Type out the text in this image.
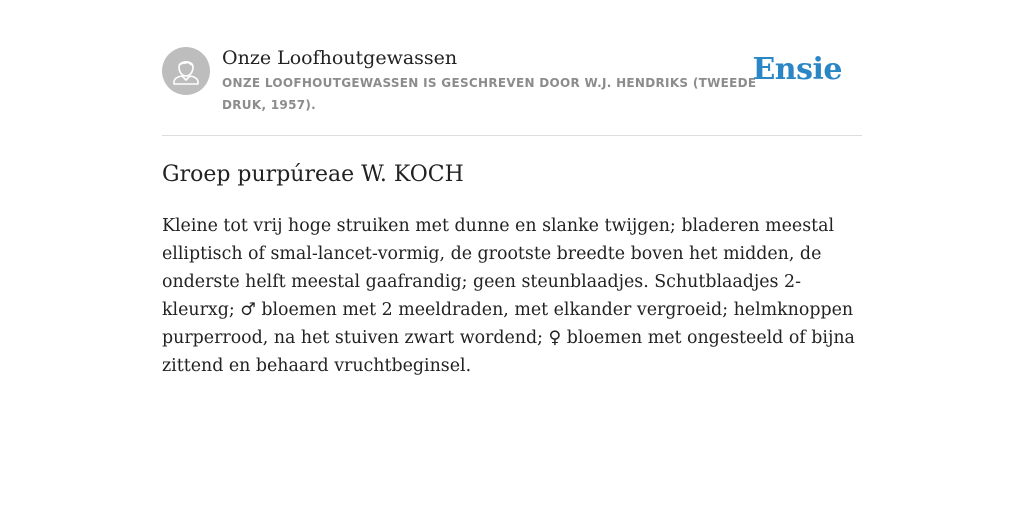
Onze Loofhoutgewassen
ONZE LOOFHOUTGEWASSEN IS GESCHREVEN DOOR W.J. HENDRIKS (TWEEDE DRUK, 1957).
Ensie
Groep purpúreae W. KOCH

Kleine tot vrij hoge struiken met dunne en slanke twijgen; bladeren meestal elliptisch of smal-lancet-vormig, de grootste breedte boven het midden, de onderste helft meestal gaafrandig; geen steunblaadjes. Schutblaadjes 2-kleurxg; ♂ bloemen met 2 meeldraden, met elkander vergroeid; helmknoppen purperrood, na het stuiven zwart wordend; ♀ bloemen met ongesteeld of bijna zittend en behaard vruchtbeginsel.
